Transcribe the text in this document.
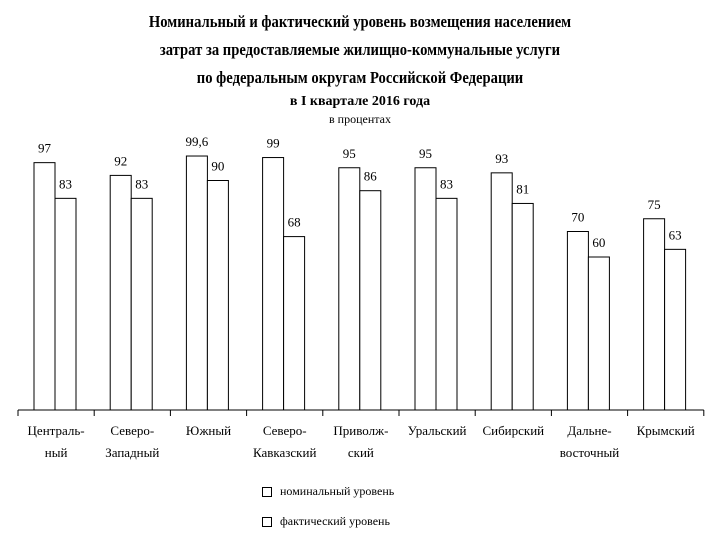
Номинальный и фактический уровень возмещения населением
затрат за предоставляемые жилищно-коммунальные услуги
по федеральным округам Российской Федерации
в I квартале 2016 года
в процентах
97
83
Централь-
ный
92
83
Северо-
Западный
99,6
90
Южный
99
68
Северо-
Кавказский
95
86
Приволж-
ский
95
83
Уральский
93
81
Сибирский
70
60
Дальне-
восточный
75
63
Крымский
номинальный уровень
фактический уровень
